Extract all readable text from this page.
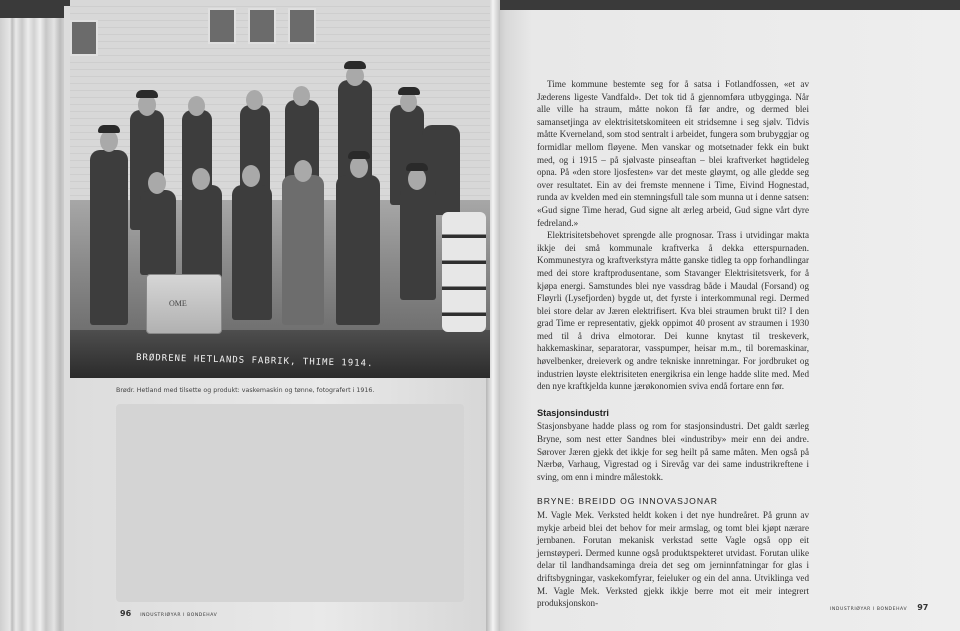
OME
BRØDRENE HETLANDS FABRIK, THIME 1914.
Brødr. Hetland med tilsette og produkt: vaskemaskin og tønne, fotografert i 1916.
96 INDUSTRIØYAR I BONDEHAV

Time kommune bestemte seg for å satsa i Fotlandfossen, «et av Jæderens ligeste Vandfald». Det tok tid å gjennomføra utbygginga. Når alle ville ha straum, måtte nokon få før andre, og dermed blei samansetjinga av elektrisitetskomiteen eit stridsemne i seg sjølv. Tidvis måtte Kverneland, som stod sentralt i arbeidet, fungera som brubyggjar og formidlar mellom fløyene. Men vanskar og motsetnader fekk ein bukt med, og i 1915 – på sjølvaste pinseaftan – blei kraftverket høgtideleg opna. På «den store ljosfesten» var det meste gløymt, og alle gledde seg over resultatet. Ein av dei fremste mennene i Time, Eivind Hognestad, runda av kvelden med ein stemningsfull tale som munna ut i denne satsen: «Gud signe Time herad, Gud signe alt ærleg arbeid, Gud signe vårt dyre fedreland.»

Elektrisitetsbehovet sprengde alle prognosar. Trass i utvidingar makta ikkje dei små kommunale kraftverka å dekka etterspurnaden. Kommunestyra og kraftverkstyra måtte ganske tidleg ta opp forhandlingar med dei store kraftprodusentane, som Stavanger Elektrisitetsverk, for å kjøpa energi. Samstundes blei nye vassdrag både i Maudal (Forsand) og Fløyrli (Lysefjorden) bygde ut, det fyrste i interkommunal regi. Dermed blei store delar av Jæren elektrifisert. Kva blei straumen brukt til? I den grad Time er representativ, gjekk oppimot 40 prosent av straumen i 1930 med til å driva elmotorar. Dei kunne knytast til treskeverk, hakkemaskinar, separatorar, vasspumper, heisar m.m., til boremaskinar, høvelbenker, dreieverk og andre tekniske innretningar. For jordbruket og industrien løyste elektrisiteten energikrisa ein lenge hadde slite med. Med den nye kraftkjelda kunne jærøkonomien sviva endå fortare enn før.

Stasjonsindustri

Stasjonsbyane hadde plass og rom for stasjonsindustri. Det galdt særleg Bryne, som nest etter Sandnes blei «industriby» meir enn dei andre. Sørover Jæren gjekk det ikkje for seg heilt på same måten. Men også på Nærbø, Varhaug, Vigrestad og i Sirevåg var dei same industrikreftene i sving, om enn i mindre målestokk.

BRYNE: BREIDD OG INNOVASJONAR

M. Vagle Mek. Verksted heldt koken i det nye hundreåret. På grunn av mykje arbeid blei det behov for meir armslag, og tomt blei kjøpt nærare jernbanen. Forutan mekanisk verkstad sette Vagle også opp eit jernstøyperi. Dermed kunne også produktspekteret utvidast. Forutan ulike delar til landhandsaminga dreia det seg om jerninnfatningar for glas i driftsbygningar, vaskekomfyrar, feieluker og ein del anna. Utviklinga ved M. Vagle Mek. Verksted gjekk ikkje berre mot eit meir integrert produksjonskon-

INDUSTRIØYAR I BONDEHAV 97
